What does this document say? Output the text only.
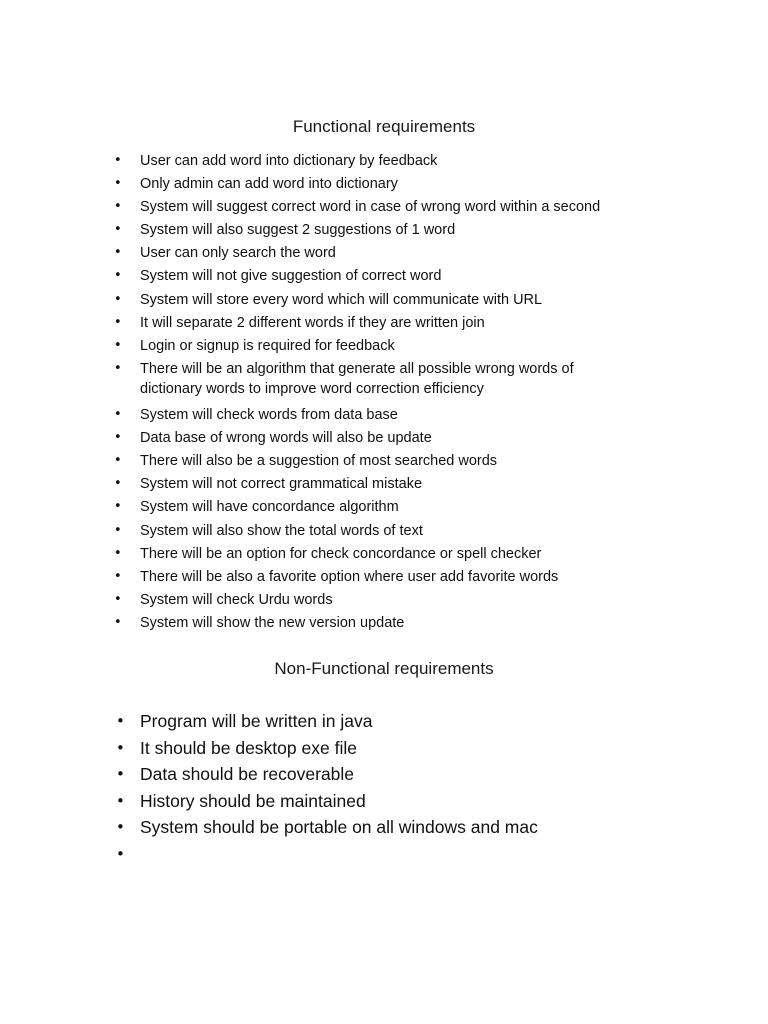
Functional requirements
• User can add word into dictionary by feedback
• Only admin can add word into dictionary
• System will suggest correct word in case of wrong word within a second
• System will also suggest 2 suggestions of 1 word
• User can only search the word
• System will not give suggestion of correct word
• System will store every word which will communicate with URL
• It will separate 2 different words if they are written join
• Login or signup is required for feedback
• There will be an algorithm that generate all possible wrong words of
dictionary words to improve word correction efficiency
• System will check words from data base
• Data base of wrong words will also be update
• There will also be a suggestion of most searched words
• System will not correct grammatical mistake
• System will have concordance algorithm
• System will also show the total words of text
• There will be an option for check concordance or spell checker
• There will be also a favorite option where user add favorite words
• System will check Urdu words
• System will show the new version update
Non-Functional requirements
• Program will be written in java
• It should be desktop exe file
• Data should be recoverable
• History should be maintained
• System should be portable on all windows and mac
•
